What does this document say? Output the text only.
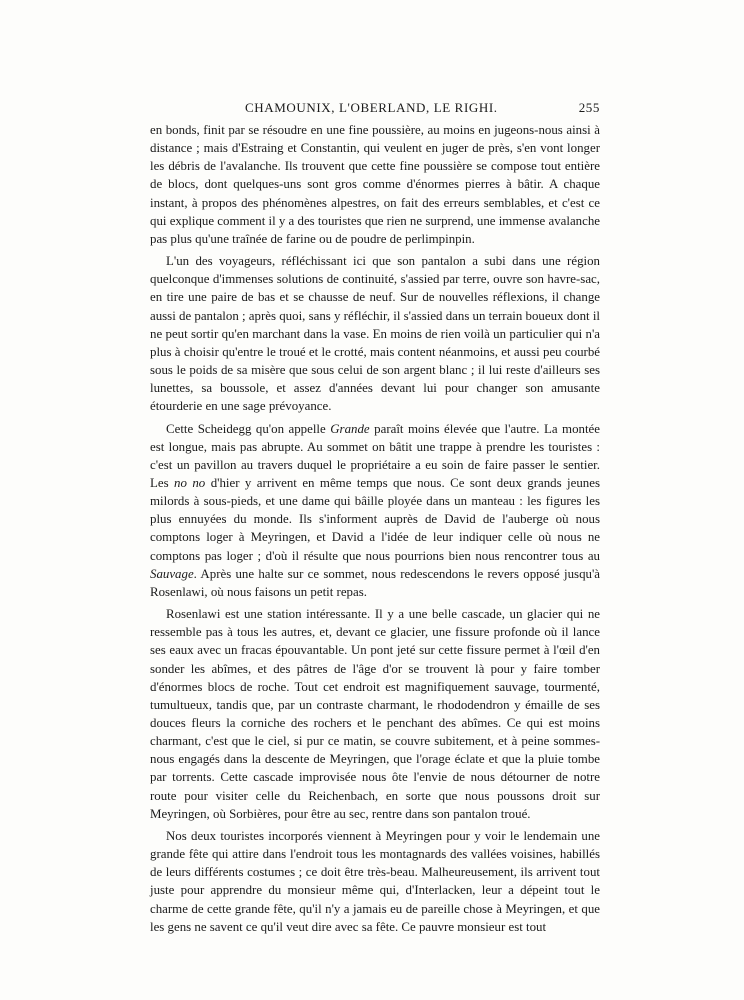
CHAMOUNIX, L'OBERLAND, LE RIGHI.	255

en bonds, finit par se résoudre en une fine poussière, au moins en jugeons-nous ainsi à distance ; mais d'Estraing et Constantin, qui veulent en juger de près, s'en vont longer les débris de l'avalanche. Ils trouvent que cette fine poussière se compose tout entière de blocs, dont quelques-uns sont gros comme d'énormes pierres à bâtir. A chaque instant, à propos des phénomènes alpestres, on fait des erreurs semblables, et c'est ce qui explique comment il y a des touristes que rien ne surprend, une immense avalanche pas plus qu'une traînée de farine ou de poudre de perlimpinpin.

L'un des voyageurs, réfléchissant ici que son pantalon a subi dans une région quelconque d'immenses solutions de continuité, s'assied par terre, ouvre son havre-sac, en tire une paire de bas et se chausse de neuf. Sur de nouvelles réflexions, il change aussi de pantalon ; après quoi, sans y réfléchir, il s'assied dans un terrain boueux dont il ne peut sortir qu'en marchant dans la vase. En moins de rien voilà un particulier qui n'a plus à choisir qu'entre le troué et le crotté, mais content néanmoins, et aussi peu courbé sous le poids de sa misère que sous celui de son argent blanc ; il lui reste d'ailleurs ses lunettes, sa boussole, et assez d'années devant lui pour changer son amusante étourderie en une sage prévoyance.

Cette Scheidegg qu'on appelle Grande paraît moins élevée que l'autre. La montée est longue, mais pas abrupte. Au sommet on bâtit une trappe à prendre les touristes : c'est un pavillon au travers duquel le propriétaire a eu soin de faire passer le sentier. Les no no d'hier y arrivent en même temps que nous. Ce sont deux grands jeunes milords à sous-pieds, et une dame qui bâille ployée dans un manteau : les figures les plus ennuyées du monde. Ils s'informent auprès de David de l'auberge où nous comptons loger à Meyringen, et David a l'idée de leur indiquer celle où nous ne comptons pas loger ; d'où il résulte que nous pourrions bien nous rencontrer tous au Sauvage. Après une halte sur ce sommet, nous redescendons le revers opposé jusqu'à Rosenlawi, où nous faisons un petit repas.

Rosenlawi est une station intéressante. Il y a une belle cascade, un glacier qui ne ressemble pas à tous les autres, et, devant ce glacier, une fissure profonde où il lance ses eaux avec un fracas épouvantable. Un pont jeté sur cette fissure permet à l'œil d'en sonder les abîmes, et des pâtres de l'âge d'or se trouvent là pour y faire tomber d'énormes blocs de roche. Tout cet endroit est magnifiquement sauvage, tourmenté, tumultueux, tandis que, par un contraste charmant, le rhododendron y émaille de ses douces fleurs la corniche des rochers et le penchant des abîmes. Ce qui est moins charmant, c'est que le ciel, si pur ce matin, se couvre subitement, et à peine sommes-nous engagés dans la descente de Meyringen, que l'orage éclate et que la pluie tombe par torrents. Cette cascade improvisée nous ôte l'envie de nous détourner de notre route pour visiter celle du Reichenbach, en sorte que nous poussons droit sur Meyringen, où Sorbières, pour être au sec, rentre dans son pantalon troué.

Nos deux touristes incorporés viennent à Meyringen pour y voir le lendemain une grande fête qui attire dans l'endroit tous les montagnards des vallées voisines, habillés de leurs différents costumes ; ce doit être très-beau. Malheureusement, ils arrivent tout juste pour apprendre du monsieur même qui, d'Interlacken, leur a dépeint tout le charme de cette grande fête, qu'il n'y a jamais eu de pareille chose à Meyringen, et que les gens ne savent ce qu'il veut dire avec sa fête. Ce pauvre monsieur est tout
